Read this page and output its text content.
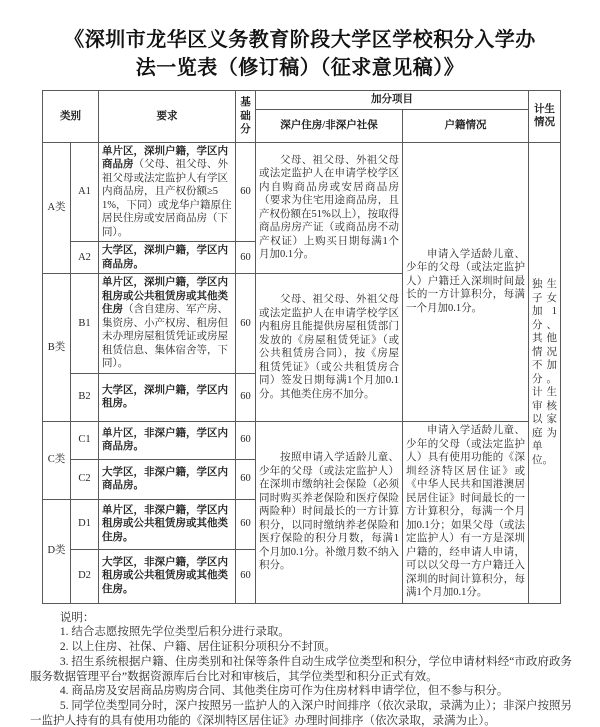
《深圳市龙华区义务教育阶段大学区学校积分入学办
法一览表（修订稿）（征求意见稿）》
类别		要求	基础分	加分项目		计生情况
				深户住房/非深户社保	户籍情况	
A类	A1	单片区，深圳户籍，学区内商品房（父母、祖父母、外祖父母或法定监护人有学区内商品房，且产权份额≥51%，下同）或龙华户籍原住居民住房或安居商品房（下同）。	60	父母、祖父母、外祖父母或法定监护人在申请学校学区内自购商品房或安居商品房（要求为住宅用途商品房，且产权份额在51%以上），按取得商品房房产证（或商品房不动产权证）上购买日期每满1个月加0.1分。	申请入学适龄儿童、少年的父母（或法定监护人）户籍迁入深圳时间最长的一方计算积分，每满一个月加0.1分。	独生子女加1分、其他情况不加分。计生审核以家庭为单位。
	A2	大学区，深圳户籍，学区内商品房。	60			
B类	B1	单片区，深圳户籍，学区内租房或公共租赁房或其他类住房（含自建房、军产房、集资房、小产权房、租房但未办理房屋租赁凭证或房屋租赁信息、集体宿舍等，下同）。	60	父母、祖父母、外祖父母或法定监护人在申请学校学区内租房且能提供房屋租赁部门发放的《房屋租赁凭证》（或公共租赁房合同），按《房屋租赁凭证》（或公共租赁房合同）签发日期每满1个月加0.1分。其他类住房不加分。		
	B2	大学区，深圳户籍，学区内租房。	60			
C类	C1	单片区，非深户籍，学区内商品房。	60	按照申请入学适龄儿童、少年的父母（或法定监护人）在深圳市缴纳社会保险（必须同时购买养老保险和医疗保险两险种）时间最长的一方计算积分，以同时缴纳养老保险和医疗保险的积分月数，每满1个月加0.1分。补缴月数不纳入积分。	申请入学适龄儿童、少年的父母（或法定监护人）具有使用功能的《深圳经济特区居住证》或《中华人民共和国港澳居民居住证》时间最长的一方计算积分，每满一个月加0.1分；如果父母（或法定监护人）有一方是深圳户籍的，经申请人申请，可以以父母一方户籍迁入深圳的时间计算积分，每满1个月加0.1分。	
	C2	大学区，非深户籍，学区内商品房。	60			
D类	D1	单片区，非深户籍，学区内租房或公共租赁房或其他类住房。	60			
	D2	大学区，非深户籍，学区内租房或公共租赁房或其他类住房。	60			

说明：

1. 结合志愿按照先学位类型后积分进行录取。

2. 以上住房、社保、户籍、居住证积分项积分不封顶。

3. 招生系统根据户籍、住房类别和社保等条件自动生成学位类型和积分，学位申请材料经“市政府政务服务数据管理平台”数据资源库后台比对和审核后，其学位类型和积分正式有效。

4. 商品房及安居商品房购房合同、其他类住房可作为住房材料申请学位，但不参与积分。

5. 同学位类型同分时，深户按照另一监护人的入深户时间排序（依次录取，录满为止）；非深户按照另一监护人持有的具有使用功能的《深圳特区居住证》办理时间排序（依次录取，录满为止）。
